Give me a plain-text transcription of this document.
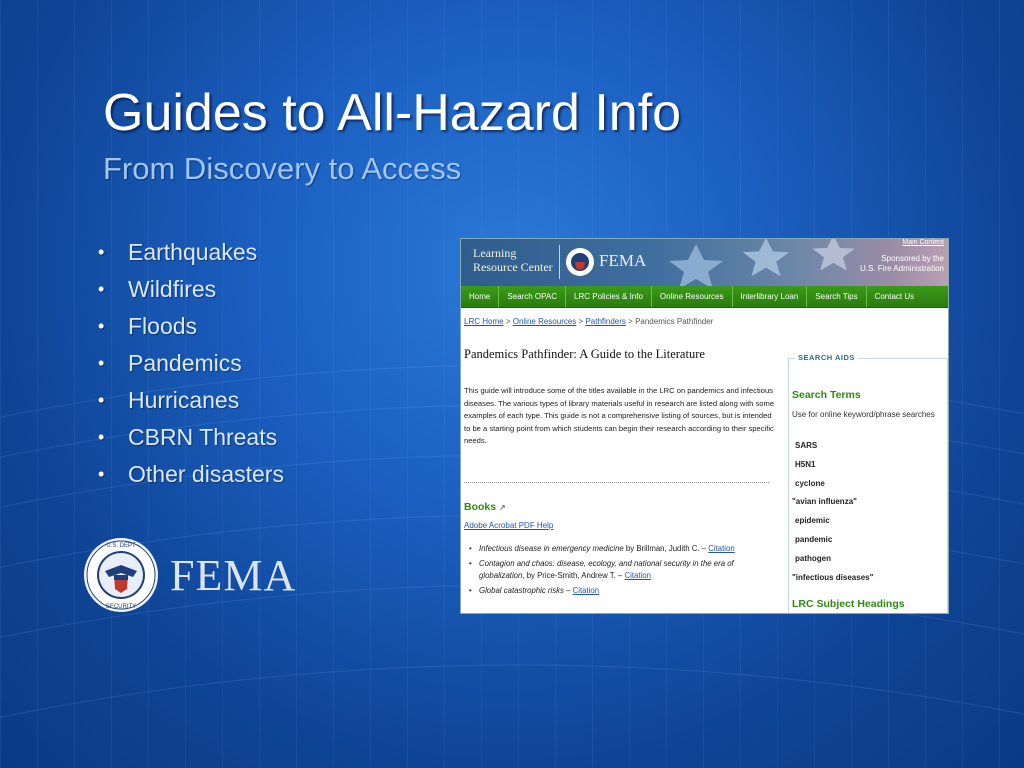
Guides to All-Hazard Info
From Discovery to Access
•	Earthquakes
•	Wildfires
•	Floods
•	Pandemics
•	Hurricanes
•	CBRN Threats
•	Other disasters
U.S. DEPT
SECURITY
FEMA
Learning
Resource Center	FEMA
Main Content
Sponsored by the
U.S. Fire Administration
Home	Search OPAC	LRC Policies & Info	Online Resources	Interlibrary Loan	Search Tips	Contact Us
LRC Home > Online Resources > Pathfinders > Pandemics Pathfinder
Pandemics Pathfinder: A Guide to the Literature
This guide will introduce some of the titles available in the LRC on pandemics and infectious diseases. The various types of library materials useful in research are listed along with some examples of each type. This guide is not a comprehensive listing of sources, but is intended to be a starting point from which students can begin their research according to their specific needs.
Books ↗
Adobe Acrobat PDF Help
• Infectious disease in emergency medicine by Brillman, Judith C. – Citation
• Contagion and chaos: disease, ecology, and national security in the era of globalization, by Price-Smith, Andrew T. – Citation
• Global catastrophic risks – Citation
SEARCH AIDS
Search Terms
Use for online keyword/phrase searches
SARS
H5N1
cyclone
"avian influenza"
epidemic
pandemic
pathogen
"infectious diseases"
LRC Subject Headings
